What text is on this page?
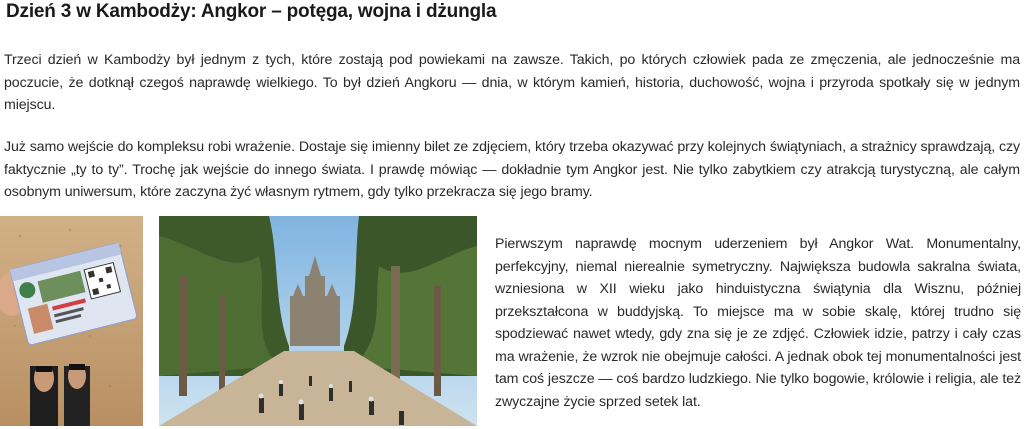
Dzień 3 w Kambodży: Angkor – potęga, wojna i dżungla

Trzeci dzień w Kambodży był jednym z tych, które zostają pod powiekami na zawsze. Takich, po których człowiek pada ze zmęczenia, ale jednocześnie ma poczucie, że dotknął czegoś naprawdę wielkiego. To był dzień Angkoru — dnia, w którym kamień, historia, duchowość, wojna i przyroda spotkały się w jednym miejscu.

Już samo wejście do kompleksu robi wrażenie. Dostaje się imienny bilet ze zdjęciem, który trzeba okazywać przy kolejnych świątyniach, a strażnicy sprawdzają, czy faktycznie „ty to ty”. Trochę jak wejście do innego świata. I prawdę mówiąc — dokładnie tym Angkor jest. Nie tylko zabytkiem czy atrakcją turystyczną, ale całym osobnym uniwersum, które zaczyna żyć własnym rytmem, gdy tylko przekracza się jego bramy.

Pierwszym naprawdę mocnym uderzeniem był Angkor Wat. Monumentalny, perfekcyjny, niemal nierealnie symetryczny. Największa budowla sakralna świata, wzniesiona w XII wieku jako hinduistyczna świątynia dla Wisznu, później przekształcona w buddyjską. To miejsce ma w sobie skalę, której trudno się spodziewać nawet wtedy, gdy zna się je ze zdjęć. Człowiek idzie, patrzy i cały czas ma wrażenie, że wzrok nie obejmuje całości. A jednak obok tej monumentalności jest tam coś jeszcze — coś bardzo ludzkiego. Nie tylko bogowie, królowie i religia, ale też zwyczajne życie sprzed setek lat.
